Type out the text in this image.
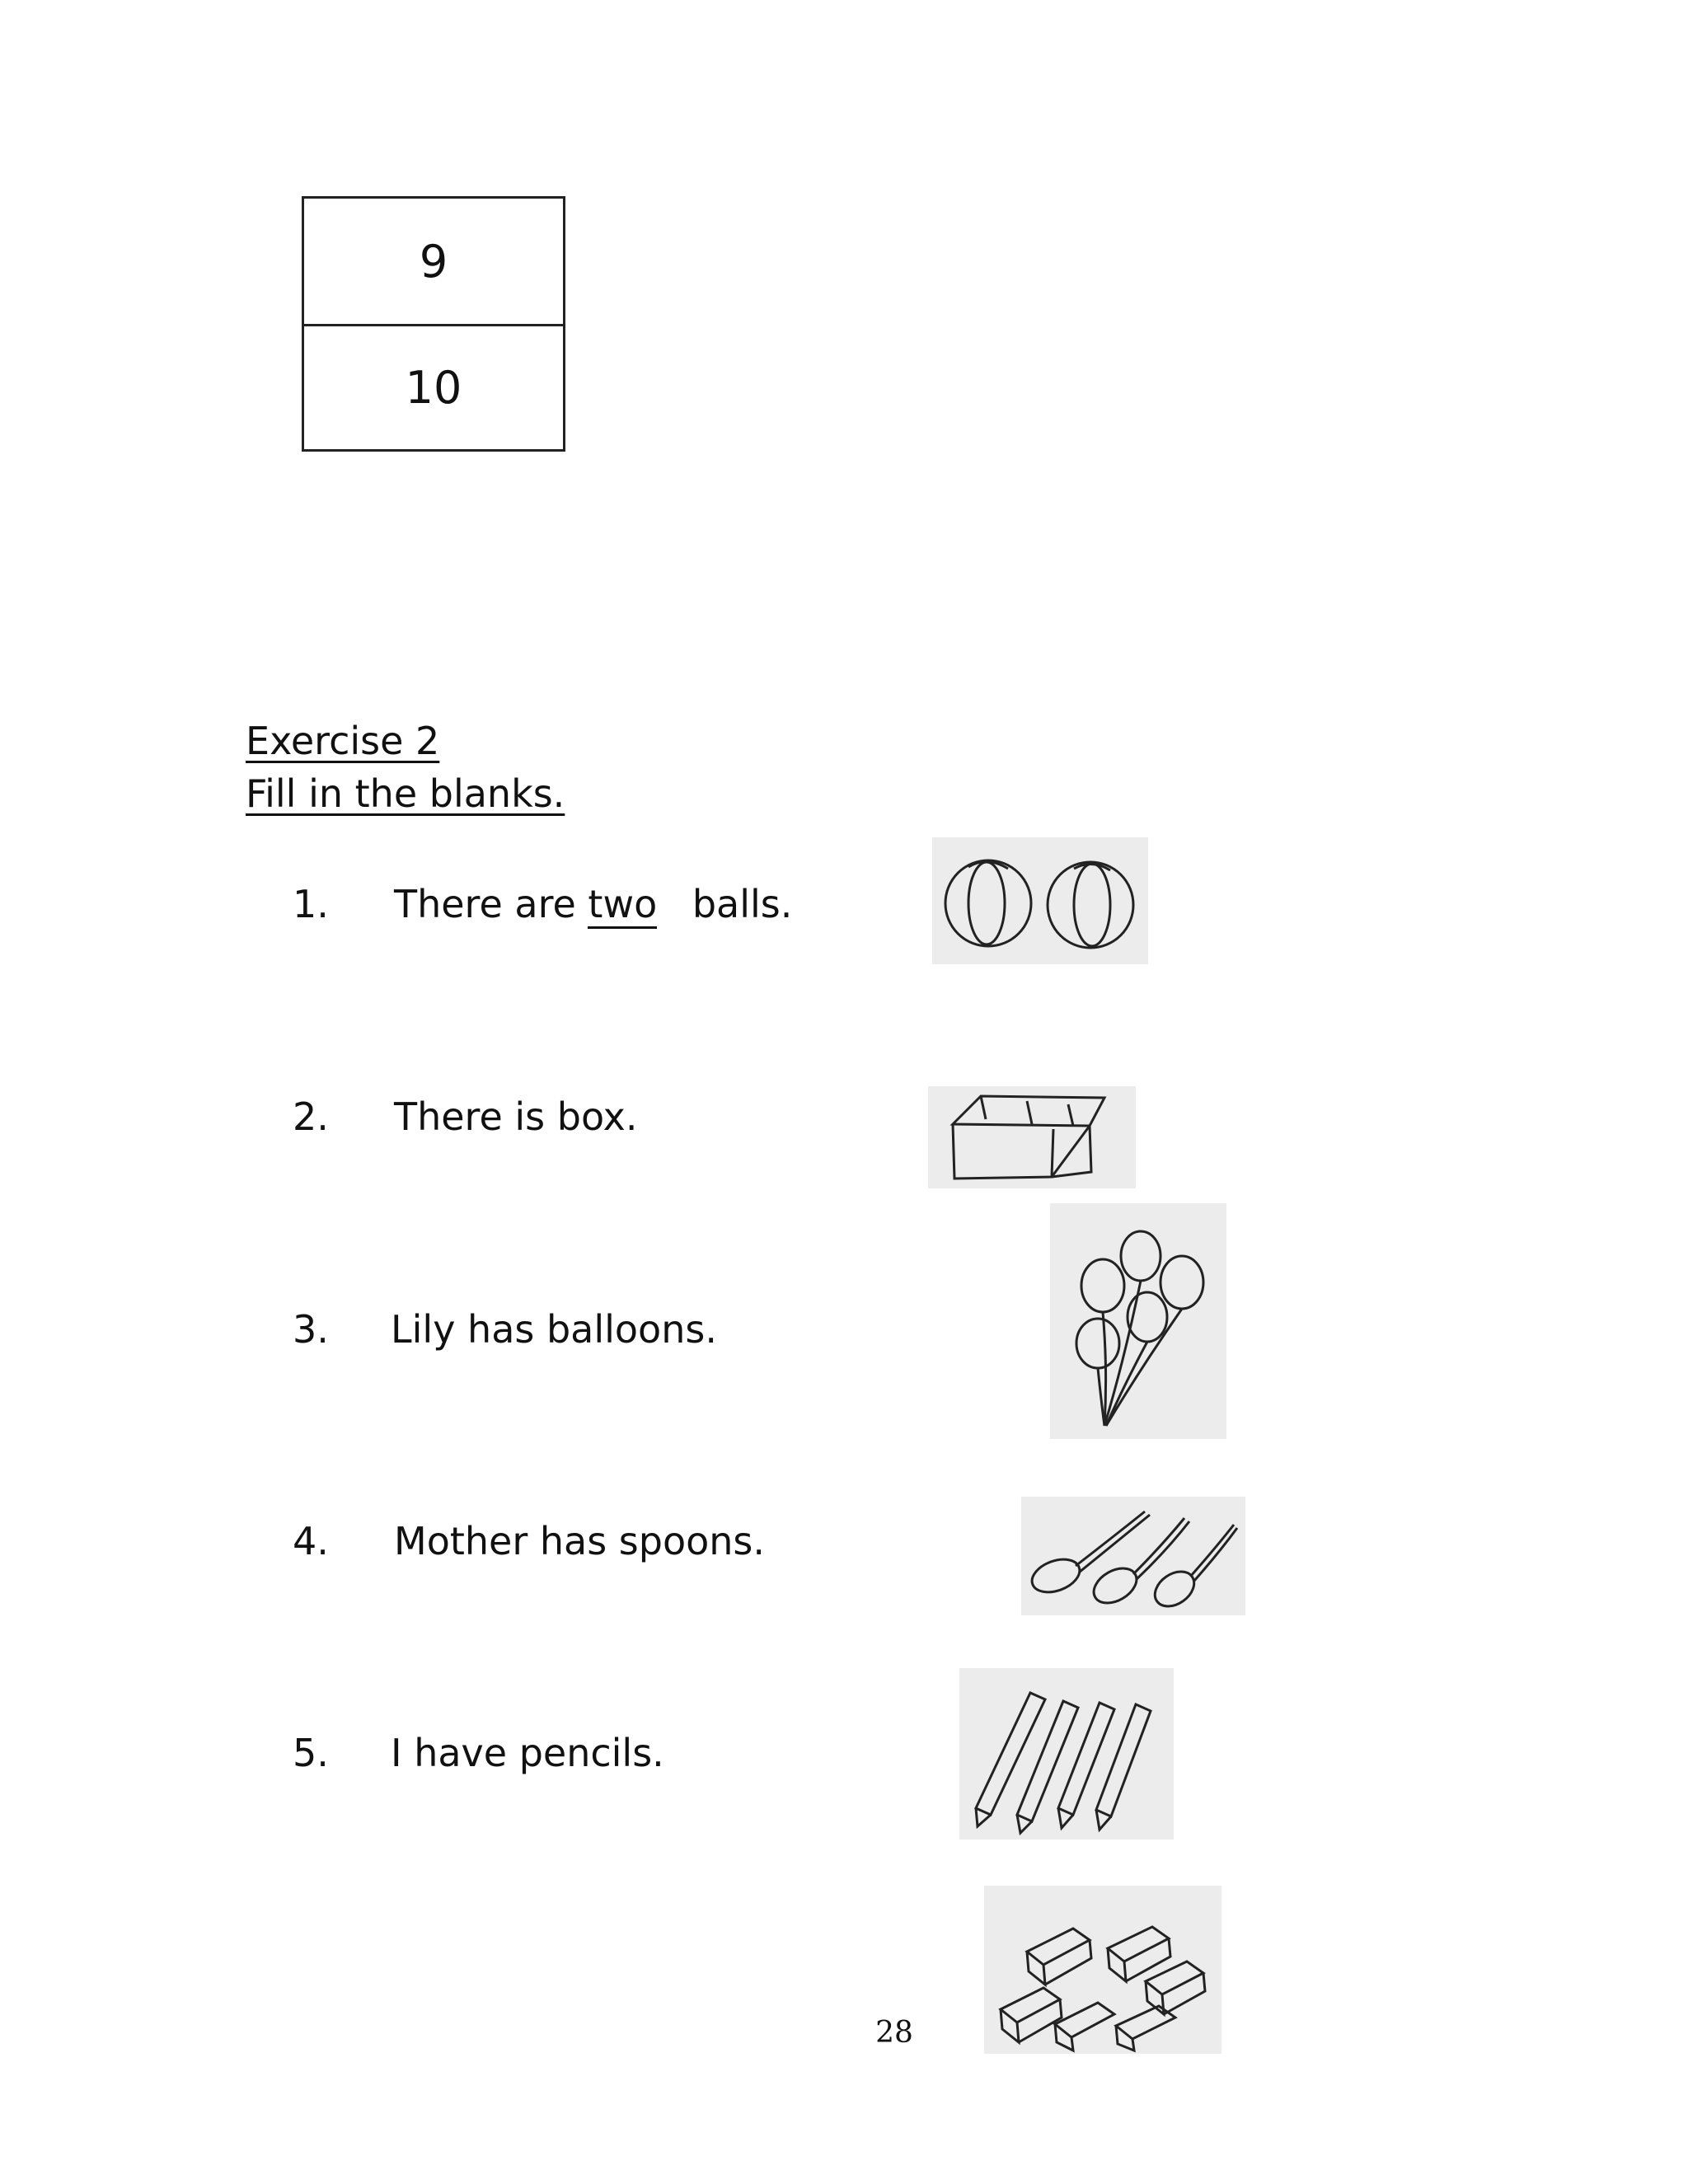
9
10
Exercise 2
Fill in the blanks.
1. There are two balls.
2. There is box.
3. Lily has balloons.
4. Mother has spoons.
5. I have pencils.
28
